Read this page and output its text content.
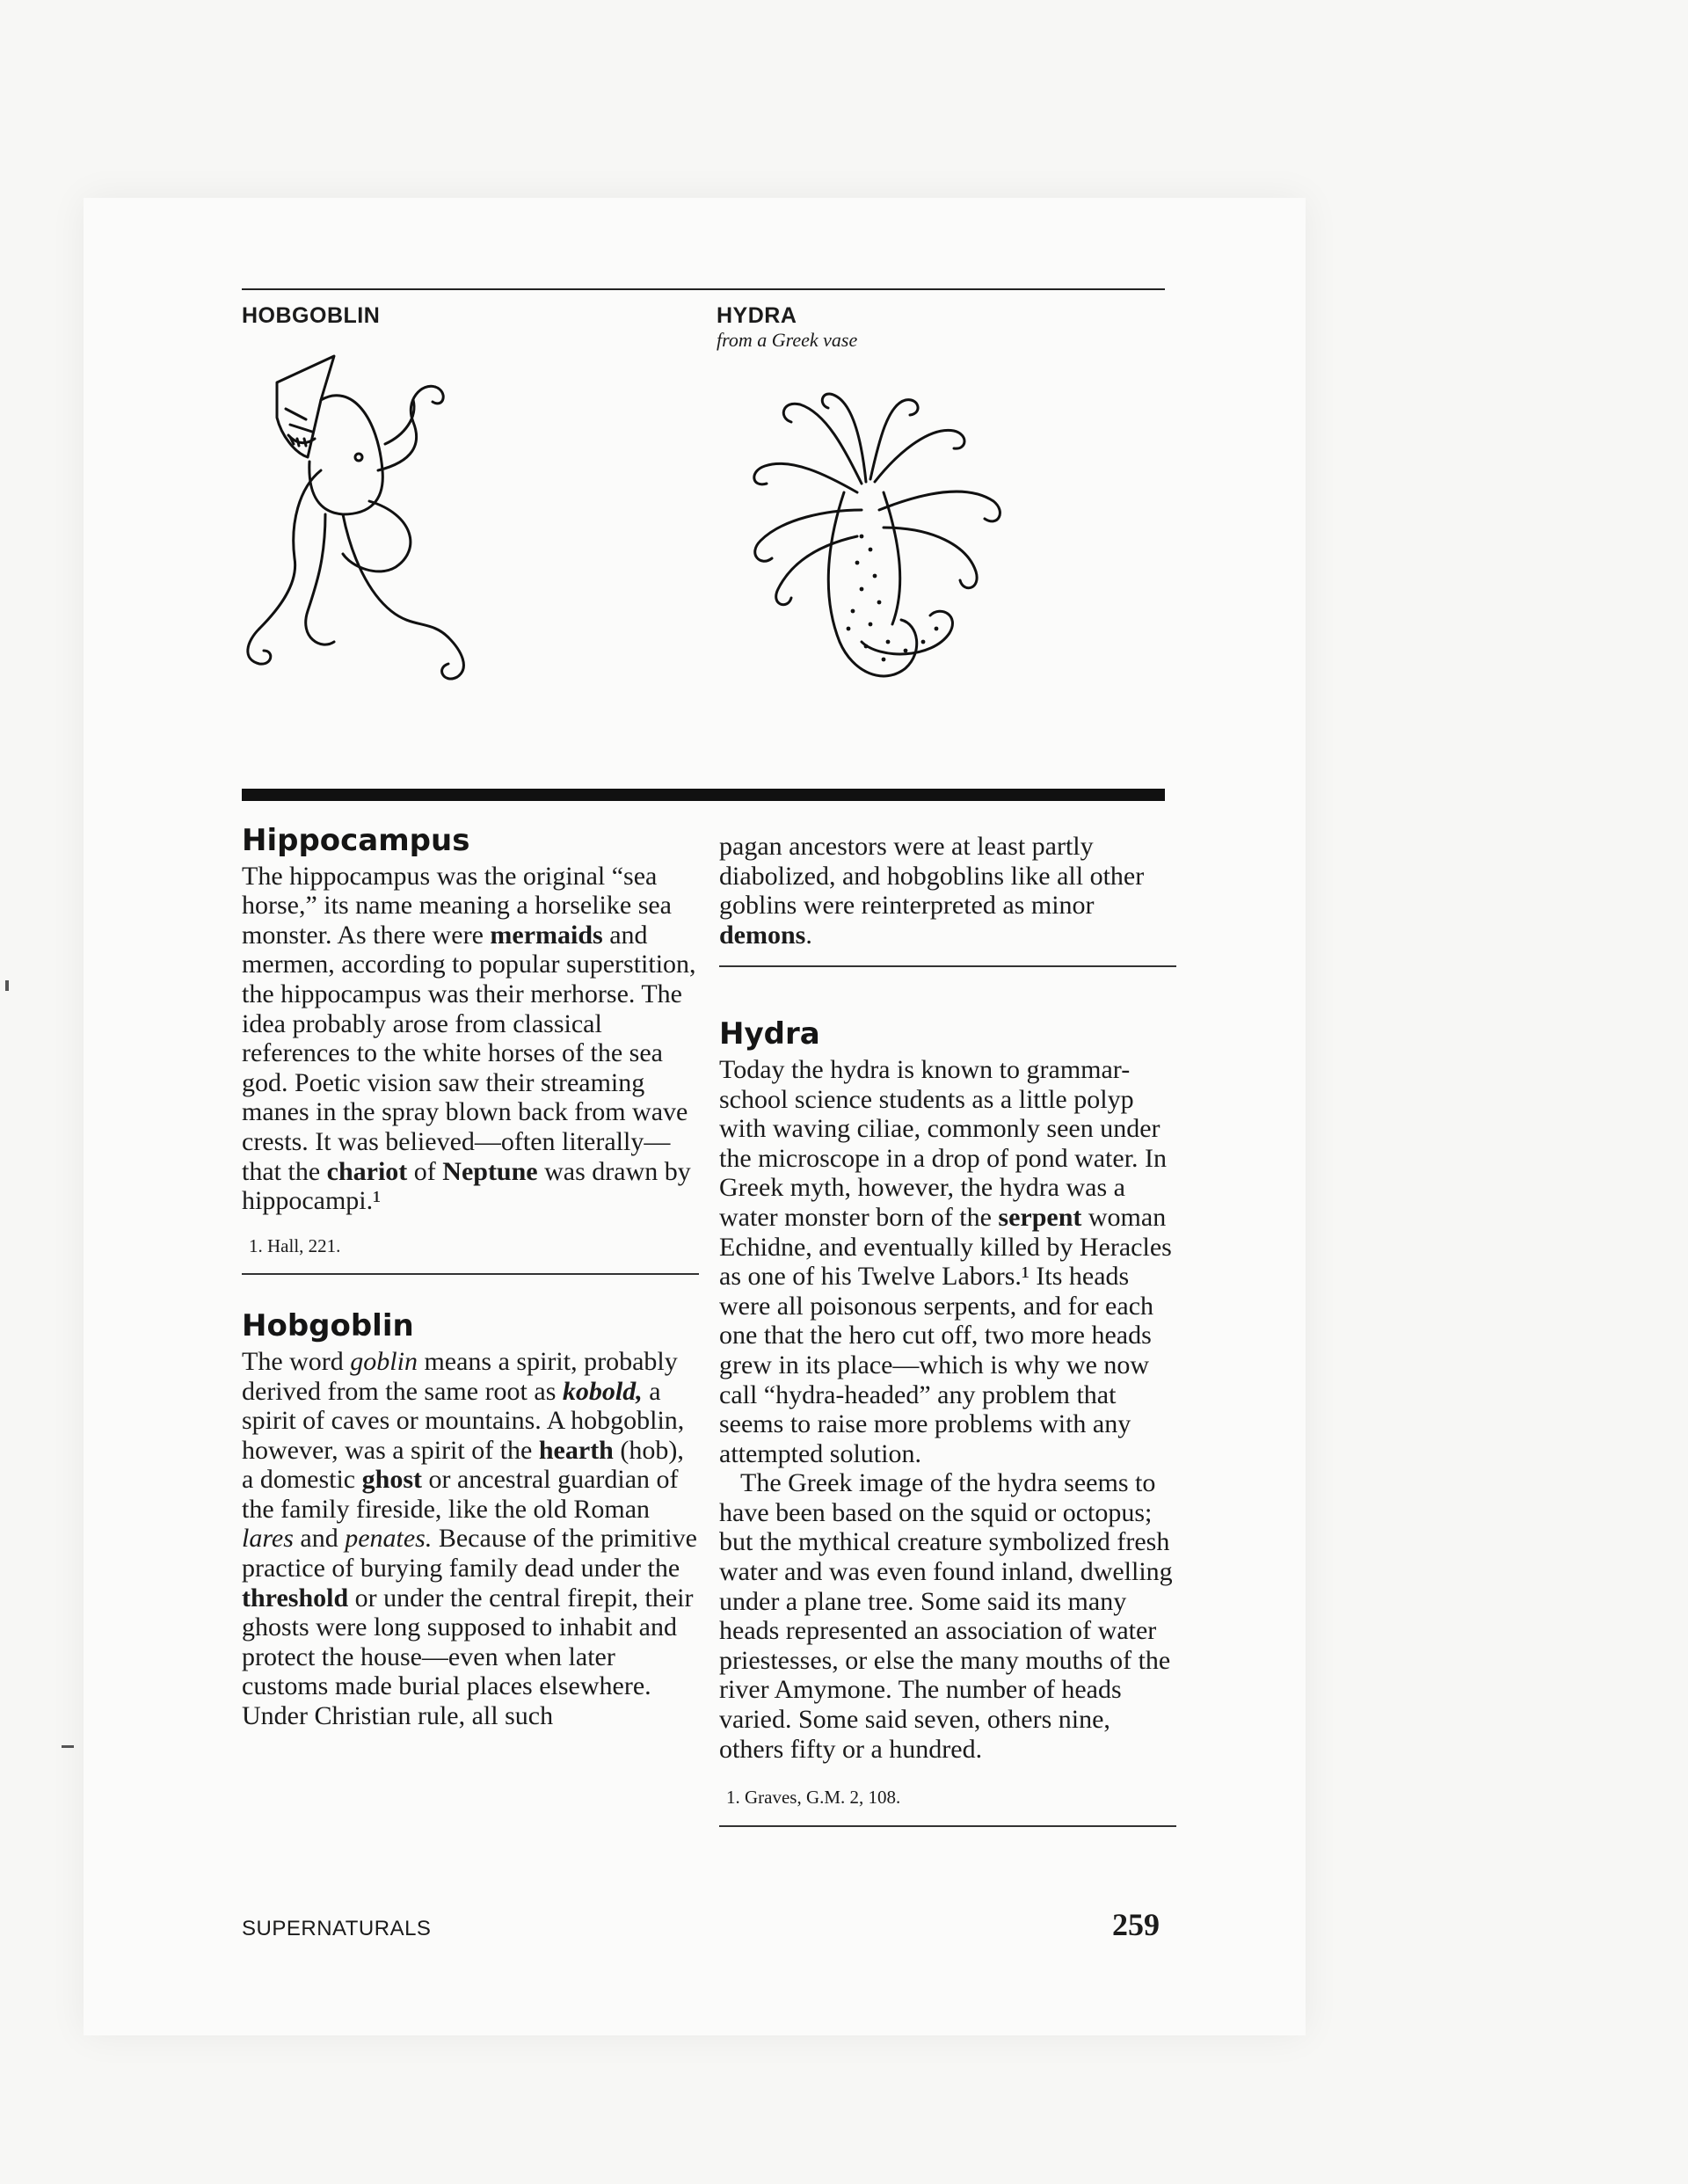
HOBGOBLIN	HYDRA
from a Greek vase
Hippocampus

The hippocampus was the original “sea horse,” its name meaning a horselike sea monster. As there were mermaids and mermen, according to popular superstition, the hippocampus was their merhorse. The idea probably arose from classical references to the white horses of the sea god. Poetic vision saw their streaming manes in the spray blown back from wave crests. It was believed—often literally—that the chariot of Neptune was drawn by hippocampi.¹

1. Hall, 221.
Hobgoblin

The word goblin means a spirit, probably derived from the same root as kobold, a spirit of caves or mountains. A hobgoblin, however, was a spirit of the hearth (hob), a domestic ghost or ancestral guardian of the family fireside, like the old Roman lares and penates. Because of the primitive practice of burying family dead under the threshold or under the central firepit, their ghosts were long supposed to inhabit and protect the house—even when later customs made burial places elsewhere. Under Christian rule, all such

pagan ancestors were at least partly diabolized, and hobgoblins like all other goblins were reinterpreted as minor demons.

Hydra

Today the hydra is known to grammar-school science students as a little polyp with waving ciliae, commonly seen under the microscope in a drop of pond water. In Greek myth, however, the hydra was a water monster born of the serpent woman Echidne, and eventually killed by Heracles as one of his Twelve Labors.¹ Its heads were all poisonous serpents, and for each one that the hero cut off, two more heads grew in its place—which is why we now call “hydra-headed” any problem that seems to raise more problems with any attempted solution.

The Greek image of the hydra seems to have been based on the squid or octopus; but the mythical creature symbolized fresh water and was even found inland, dwelling under a plane tree. Some said its many heads represented an association of water priestesses, or else the many mouths of the river Amymone. The number of heads varied. Some said seven, others nine, others fifty or a hundred.

1. Graves, G.M. 2, 108.
SUPERNATURALS	259
